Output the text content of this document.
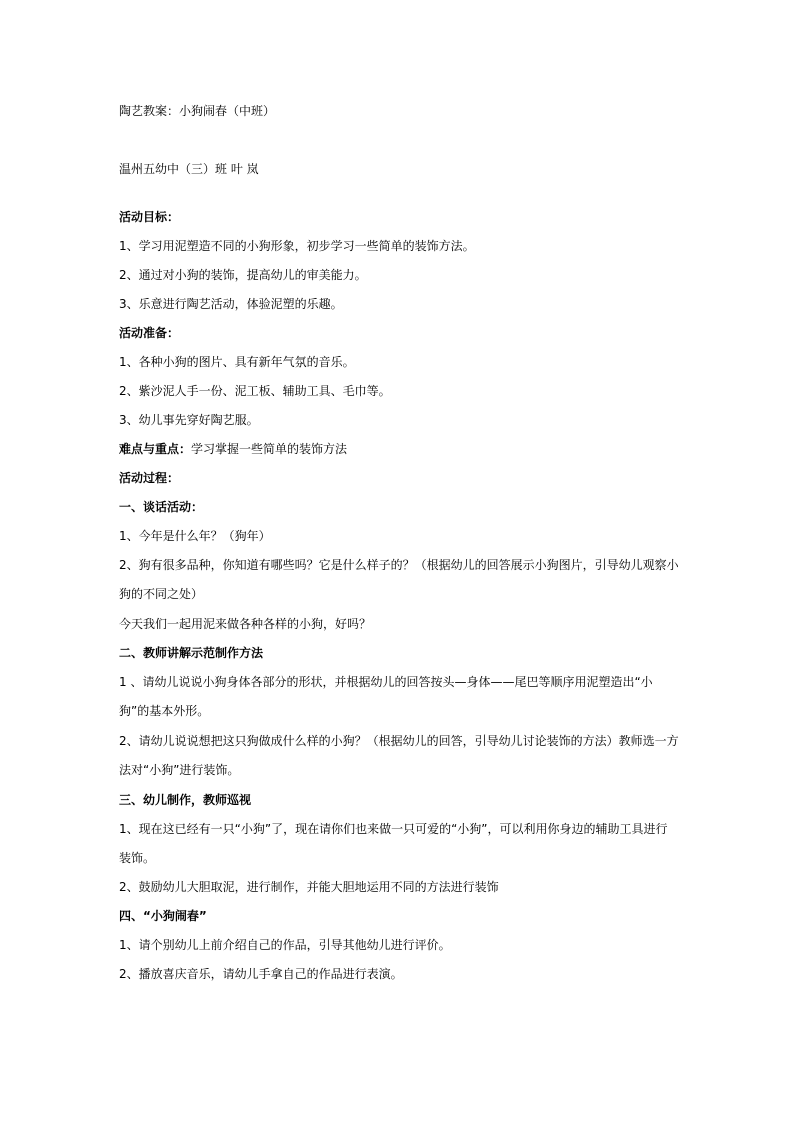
陶艺教案：小狗闹春（中班）
温州五幼中（三）班 叶 岚
活动目标：
1、学习用泥塑造不同的小狗形象，初步学习一些简单的装饰方法。
2、通过对小狗的装饰，提高幼儿的审美能力。
3、乐意进行陶艺活动，体验泥塑的乐趣。
活动准备：
1、各种小狗的图片、具有新年气氛的音乐。
2、紫沙泥人手一份、泥工板、辅助工具、毛巾等。
3、幼儿事先穿好陶艺服。
难点与重点：学习掌握一些简单的装饰方法
活动过程：
一、谈话活动：
1、今年是什么年？（狗年）
2、狗有很多品种，你知道有哪些吗？它是什么样子的？（根据幼儿的回答展示小狗图片，引导幼儿观察小狗的不同之处）
今天我们一起用泥来做各种各样的小狗，好吗？
二、教师讲解示范制作方法
1 、请幼儿说说小狗身体各部分的形状，并根据幼儿的回答按头—身体——尾巴等顺序用泥塑造出“小狗”的基本外形。
2、请幼儿说说想把这只狗做成什么样的小狗？（根据幼儿的回答，引导幼儿讨论装饰的方法）教师选一方法对“小狗”进行装饰。
三、幼儿制作，教师巡视
1、现在这已经有一只“小狗”了，现在请你们也来做一只可爱的“小狗”，可以利用你身边的辅助工具进行装饰。
2、鼓励幼儿大胆取泥，进行制作，并能大胆地运用不同的方法进行装饰
四、“小狗闹春”
1、请个别幼儿上前介绍自己的作品，引导其他幼儿进行评价。
2、播放喜庆音乐，请幼儿手拿自己的作品进行表演。
